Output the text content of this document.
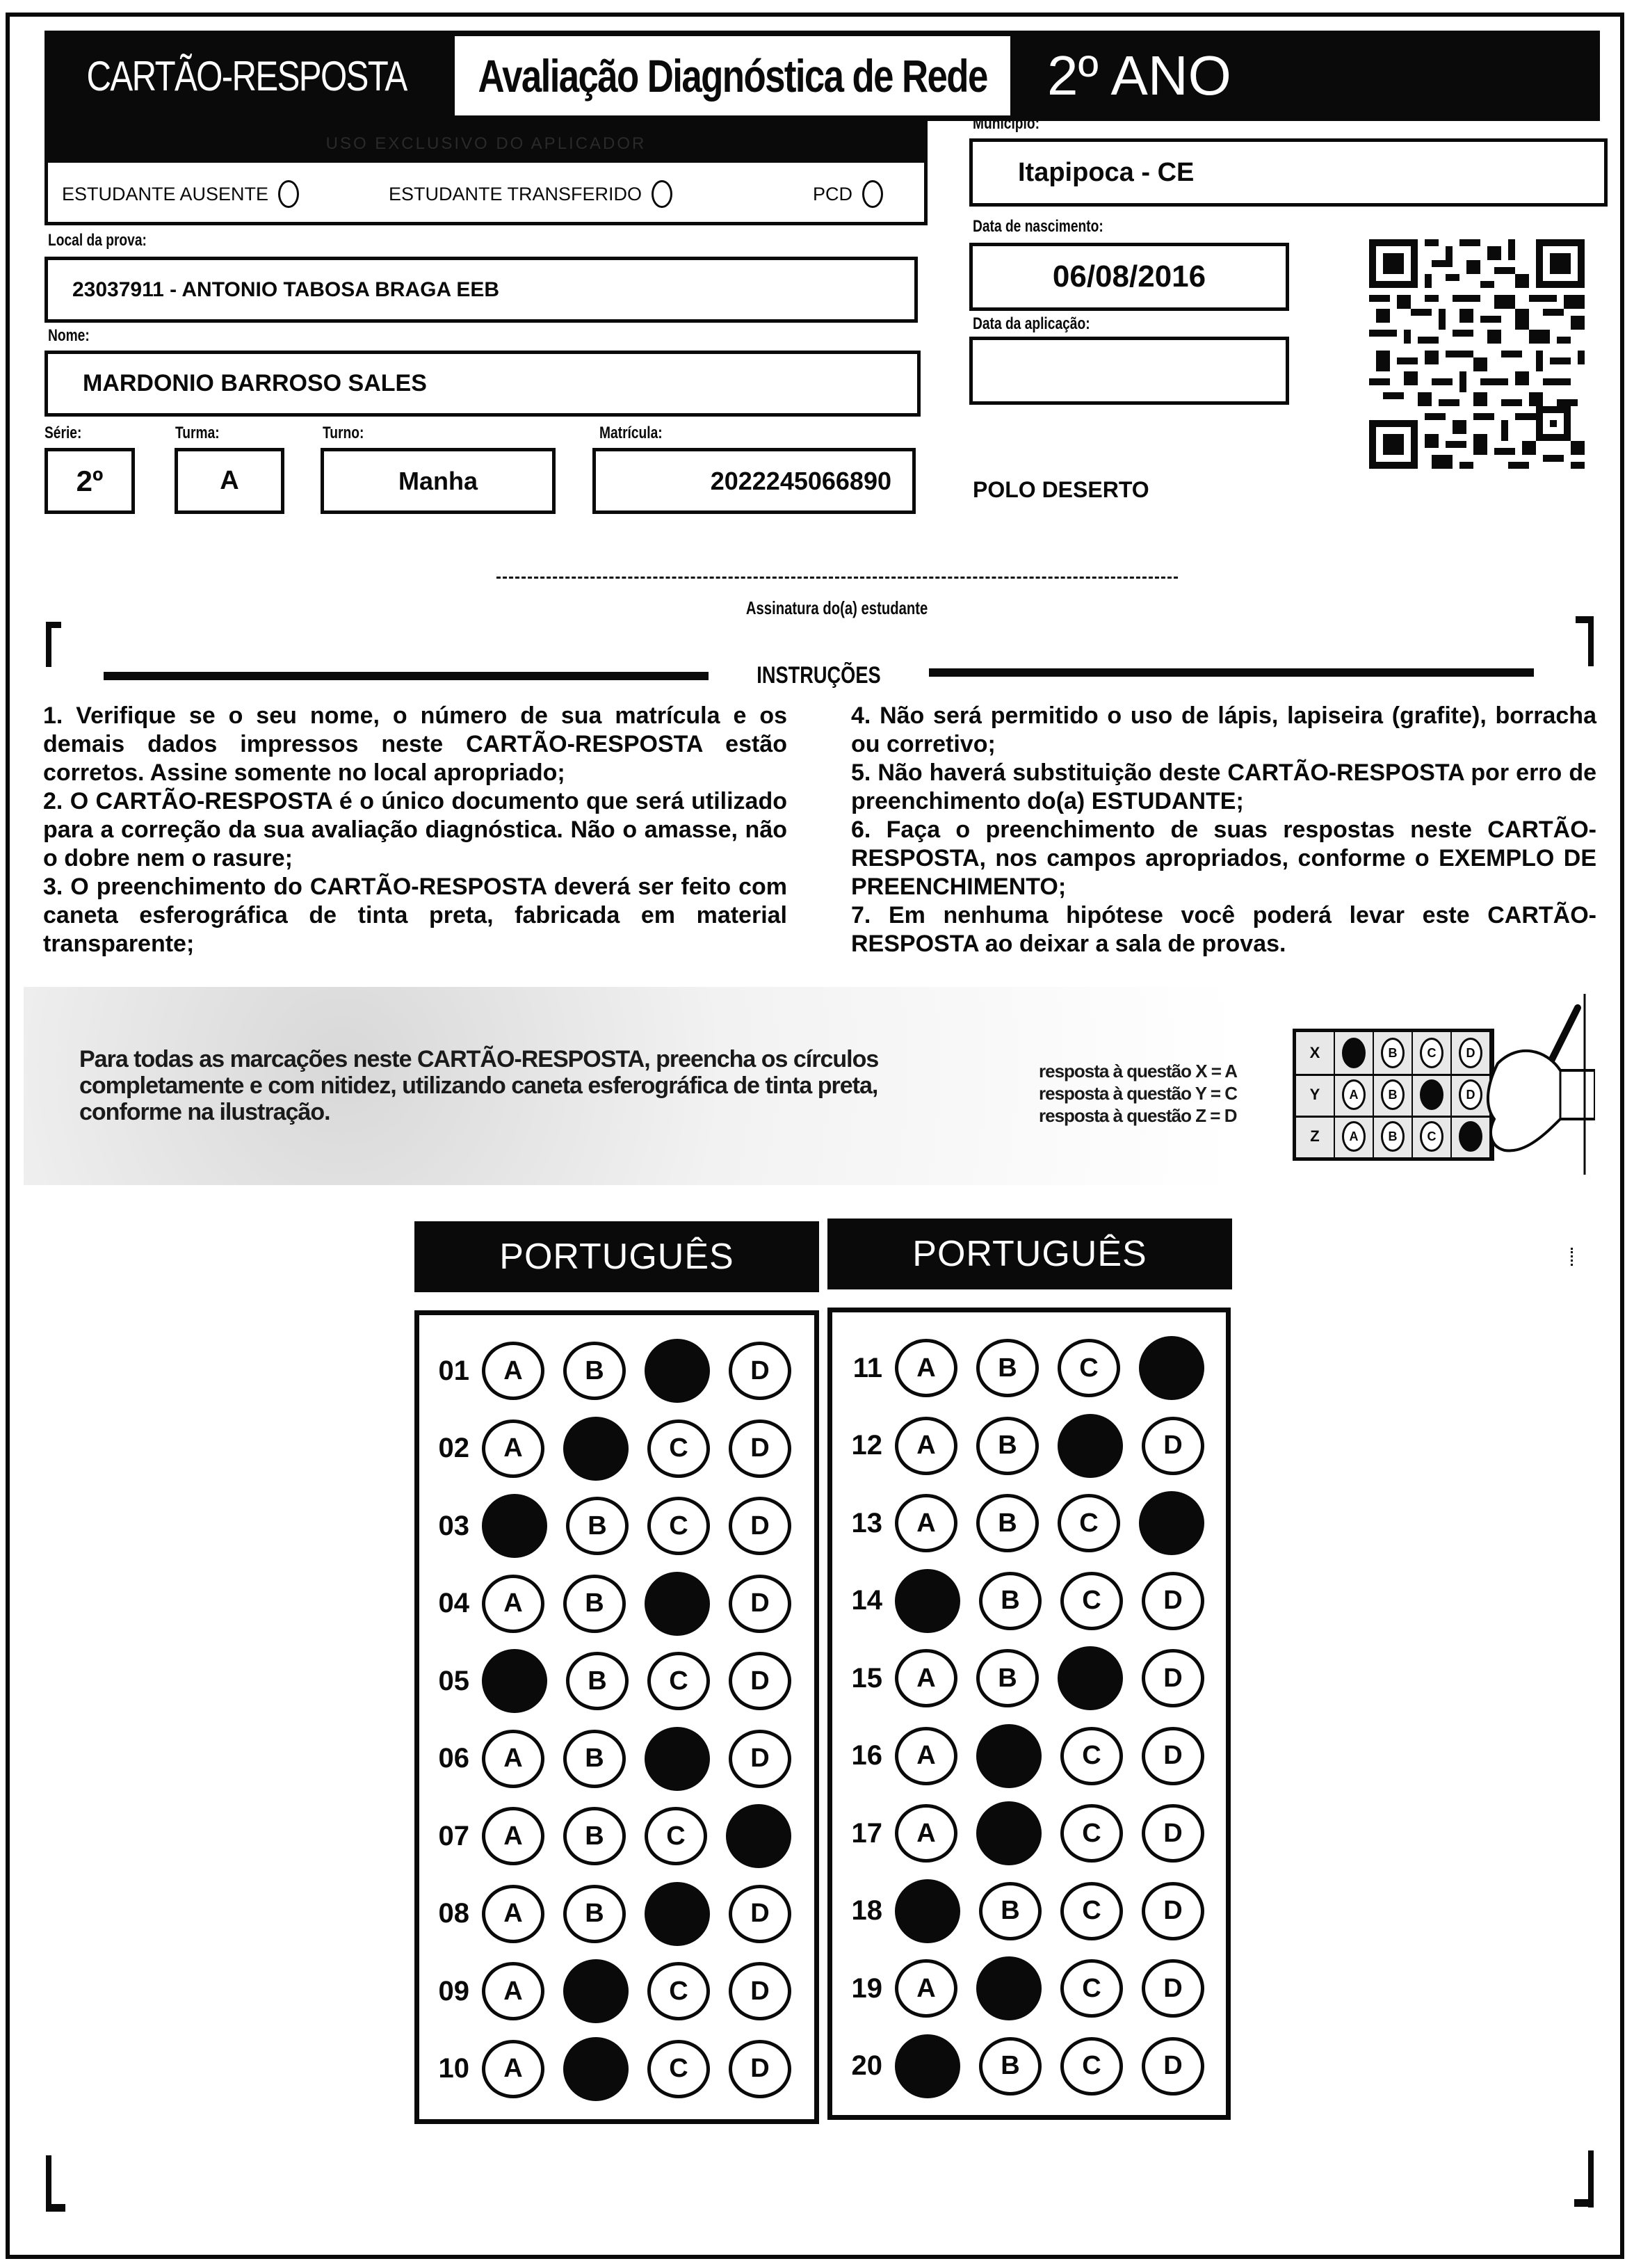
CARTÃO-RESPOSTA Avaliação Diagnóstica de Rede 2º ANO
USO EXCLUSIVO DO APLICADOR
ESTUDANTE AUSENTE	ESTUDANTE TRANSFERIDO	PCD
Local da prova:
23037911 - ANTONIO TABOSA BRAGA EEB
Nome:
MARDONIO BARROSO SALES
Série:
2º
Turma:
A
Turno:
Manha
Matrícula:
2022245066890
Município:
Itapipoca - CE
Data de nascimento:
06/08/2016
Data da aplicação:
POLO DESERTO
Assinatura do(a) estudante
INSTRUÇÕES

1. Verifique se o seu nome, o número de sua matrícula e os demais dados impressos neste CARTÃO-RESPOSTA estão corretos. Assine somente no local apropriado;

2. O CARTÃO-RESPOSTA é o único documento que será utilizado para a correção da sua avaliação diagnóstica. Não o amasse, não o dobre nem o rasure;

3. O preenchimento do CARTÃO-RESPOSTA deverá ser feito com caneta esferográfica de tinta preta, fabricada em material transparente;

4. Não será permitido o uso de lápis, lapiseira (grafite), borracha ou corretivo;

5. Não haverá substituição deste CARTÃO-RESPOSTA por erro de preenchimento do(a) ESTUDANTE;

6. Faça o preenchimento de suas respostas neste CARTÃO-RESPOSTA, nos campos apropriados, conforme o EXEMPLO DE PREENCHIMENTO;

7. Em nenhuma hipótese você poderá levar este CARTÃO-RESPOSTA ao deixar a sala de provas.

Para todas as marcações neste CARTÃO-RESPOSTA, preencha os círculos completamente e com nitidez, utilizando caneta esferográfica de tinta preta, conforme na ilustração.
resposta à questão X = A
resposta à questão Y = C
resposta à questão Z = D
X	A	B	C	D
Y	A	B	C	D
Z	A	B	C	D
PORTUGUÊS
01	A	B	C	D
02	A	B	C	D
03	A	B	C	D
04	A	B	C	D
05	A	B	C	D
06	A	B	C	D
07	A	B	C	D
08	A	B	C	D
09	A	B	C	D
10	A	B	C	D
PORTUGUÊS
11	A	B	C	D
12	A	B	C	D
13	A	B	C	D
14	A	B	C	D
15	A	B	C	D
16	A	B	C	D
17	A	B	C	D
18	A	B	C	D
19	A	B	C	D
20	A	B	C	D
